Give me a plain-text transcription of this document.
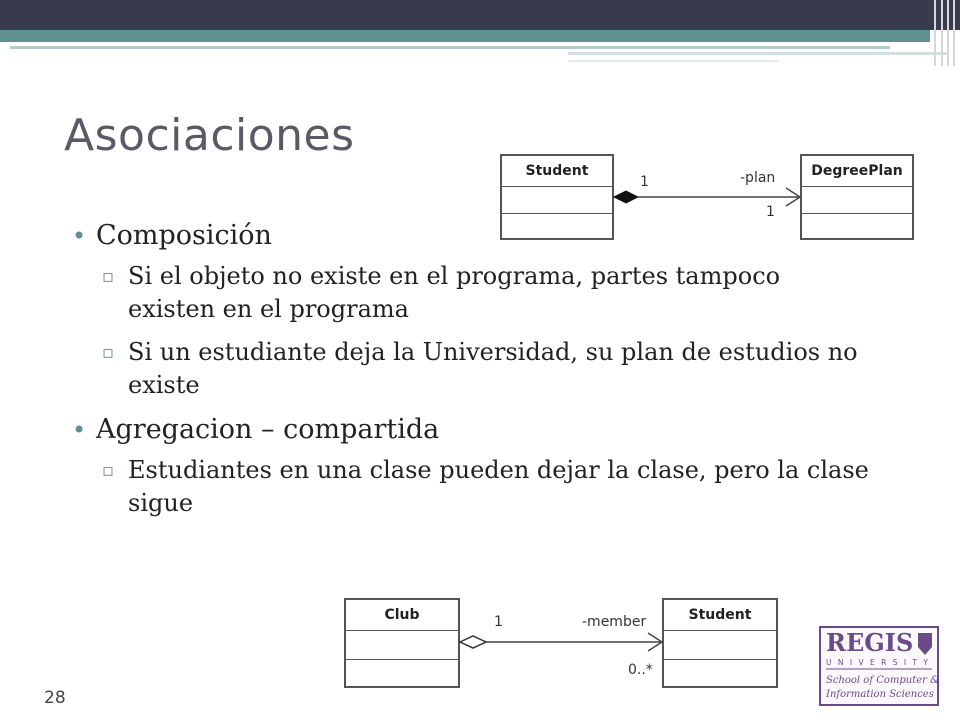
Asociaciones
Student	DegreePlan
1	-plan
1
• Composición
▫ Si el objeto no existe en el programa, partes tampoco existen en el programa
▫ Si un estudiante deja la Universidad, su plan de estudios no existe
• Agregacion – compartida
▫ Estudiantes en una clase pueden dejar la clase, pero la clase sigue
Club	Student
1	-member
0..*
28
REGIS
U N I V E R S I T Y
School of Computer &
Information Sciences
